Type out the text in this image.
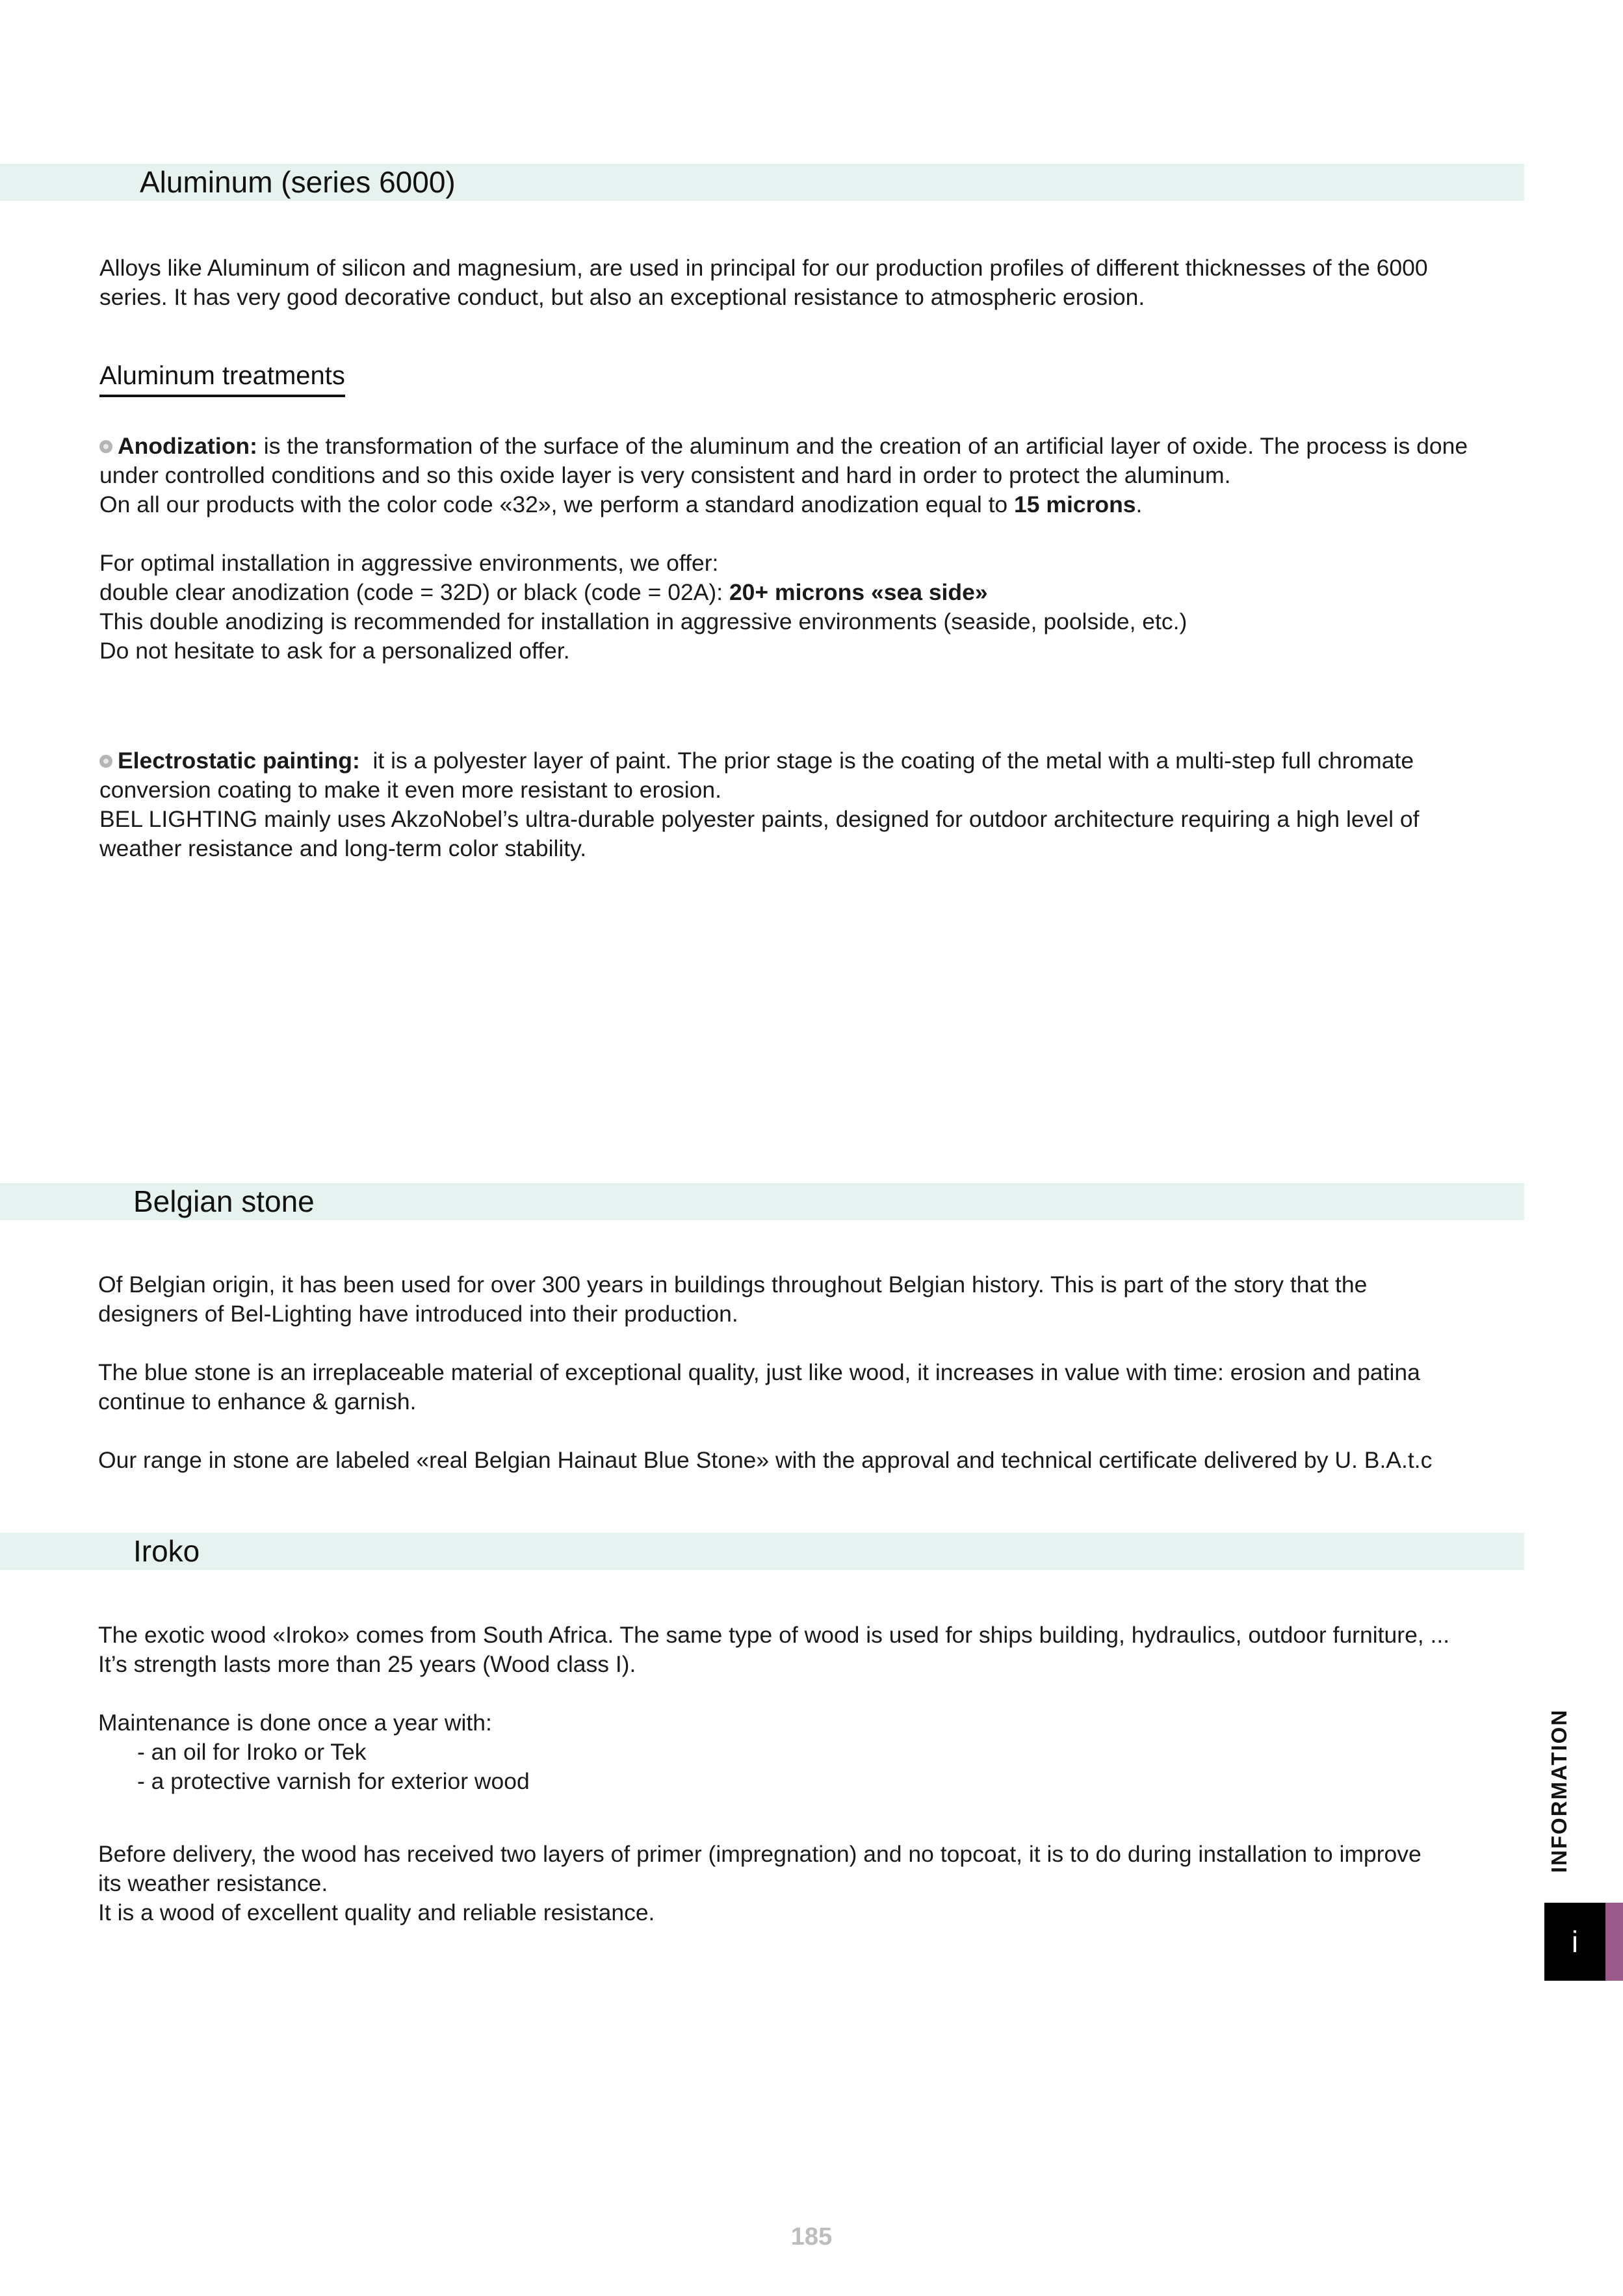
Aluminum (series 6000)
Alloys like Aluminum of silicon and magnesium, are used in principal for our production profiles of different thicknesses of the 6000
series. It has very good decorative conduct, but also an exceptional resistance to atmospheric erosion.
Aluminum treatments
Anodization: is the transformation of the surface of the aluminum and the creation of an artificial layer of oxide. The process is done
under controlled conditions and so this oxide layer is very consistent and hard in order to protect the aluminum.
On all our products with the color code «32», we perform a standard anodization equal to 15 microns.
For optimal installation in aggressive environments, we offer:
double clear anodization (code = 32D) or black (code = 02A): 20+ microns «sea side»
This double anodizing is recommended for installation in aggressive environments (seaside, poolside, etc.)
Do not hesitate to ask for a personalized offer.
Electrostatic painting:  it is a polyester layer of paint. The prior stage is the coating of the metal with a multi-step full chromate
conversion coating to make it even more resistant to erosion.
BEL LIGHTING mainly uses AkzoNobel’s ultra-durable polyester paints, designed for outdoor architecture requiring a high level of
weather resistance and long-term color stability.
Belgian stone
Of Belgian origin, it has been used for over 300 years in buildings throughout Belgian history. This is part of the story that the
designers of Bel-Lighting have introduced into their production.
The blue stone is an irreplaceable material of exceptional quality, just like wood, it increases in value with time: erosion and patina
continue to enhance & garnish.
Our range in stone are labeled «real Belgian Hainaut Blue Stone» with the approval and technical certificate delivered by U. B.A.t.c
Iroko
The exotic wood «Iroko» comes from South Africa. The same type of wood is used for ships building, hydraulics, outdoor furniture, ...
It’s strength lasts more than 25 years (Wood class I).
Maintenance is done once a year with:
- an oil for Iroko or Tek
- a protective varnish for exterior wood
Before delivery, the wood has received two layers of primer (impregnation) and no topcoat, it is to do during installation to improve
its weather resistance.
It is a wood of excellent quality and reliable resistance.
INFORMATION
i
185
